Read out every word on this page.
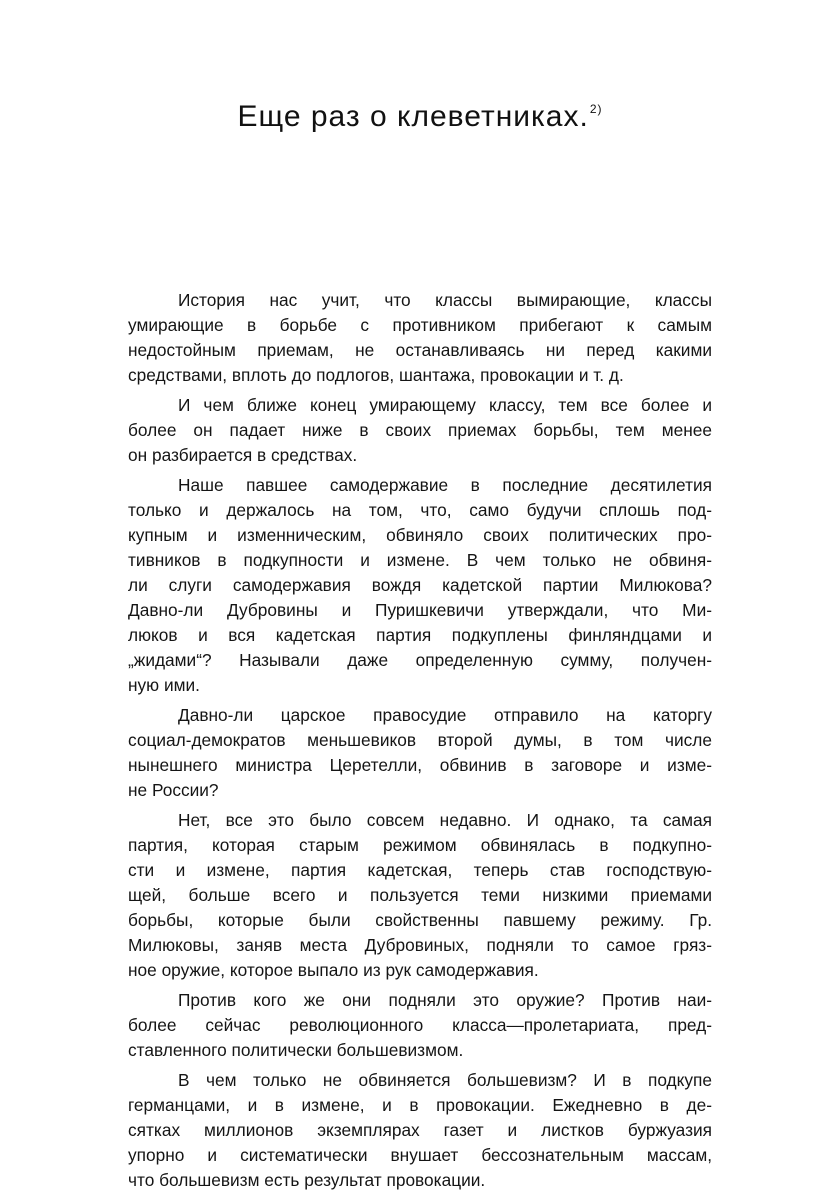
Еще раз о клеветниках.$^{2)}$
История нас учит, что классы вымирающие, классы
умирающие в борьбе с противником прибегают к самым
недостойным приемам, не останавливаясь ни перед какими
средствами, вплоть до подлогов, шантажа, провокации и т. д.
И чем ближе конец умирающему классу, тем все более и
более он падает ниже в своих приемах борьбы, тем менее
он разбирается в средствах.
Наше павшее самодержавие в последние десятилетия
только и держалось на том, что, само будучи сплошь под-
купным и изменническим, обвиняло своих политических про-
тивников в подкупности и измене. В чем только не обвиня-
ли слуги самодержавия вождя кадетской партии Милюкова?
Давно-ли Дубровины и Пуришкевичи утверждали, что Ми-
люков и вся кадетская партия подкуплены финляндцами и
„жидами“? Называли даже определенную сумму, получен-
ную ими.
Давно-ли царское правосудие отправило на каторгу
социал-демократов меньшевиков второй думы, в том числе
нынешнего министра Церетелли, обвинив в заговоре и изме-
не России?
Нет, все это было совсем недавно. И однако, та самая
партия, которая старым режимом обвинялась в подкупно-
сти и измене, партия кадетская, теперь став господствую-
щей, больше всего и пользуется теми низкими приемами
борьбы, которые были свойственны павшему режиму. Гр.
Милюковы, заняв места Дубровиных, подняли то самое гряз-
ное оружие, которое выпало из рук самодержавия.
Против кого же они подняли это оружие? Против наи-
более сейчас революционного класса—пролетариата, пред-
ставленного политически большевизмом.
В чем только не обвиняется большевизм? И в подкупе
германцами, и в измене, и в провокации. Ежедневно в де-
сятках миллионов экземплярах газет и листков буржуазия
упорно и систематически внушает бессознательным массам,
что большевизм есть результат провокации.
